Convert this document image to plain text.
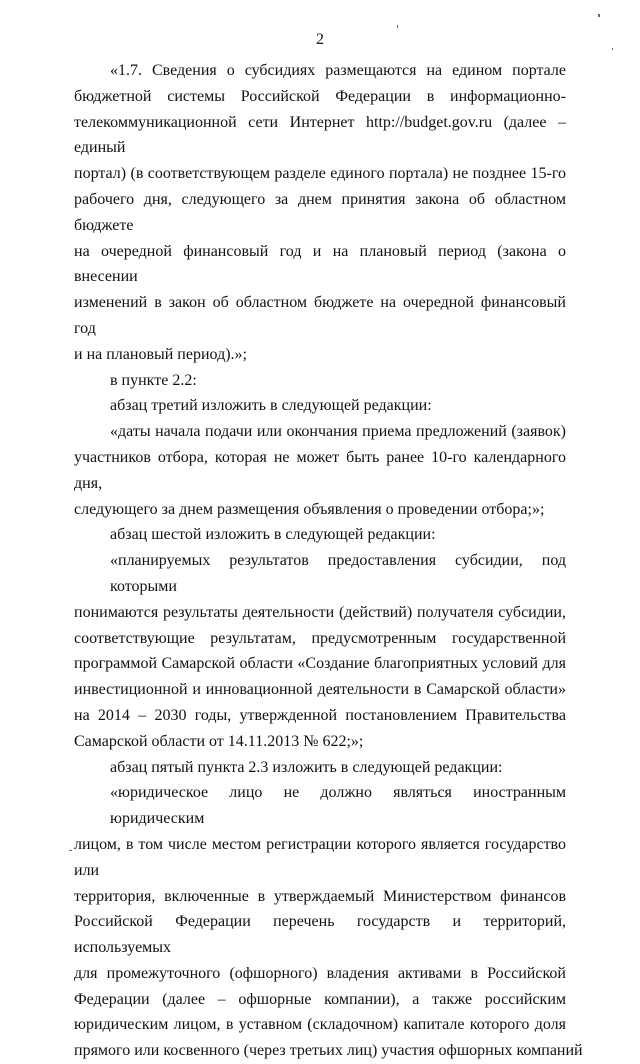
2

«1.7. Сведения о субсидиях размещаются на едином портале
бюджетной системы Российской Федерации в информационно-
телекоммуникационной сети Интернет http://budget.gov.ru (далее – единый
портал) (в соответствующем разделе единого портала) не позднее 15-го
рабочего дня, следующего за днем принятия закона об областном бюджете
на очередной финансовый год и на плановый период (закона о внесении
изменений в закон об областном бюджете на очередной финансовый год
и на плановый период).»;

в пункте 2.2:

абзац третий изложить в следующей редакции:

«даты начала подачи или окончания приема предложений (заявок)
участников отбора, которая не может быть ранее 10-го календарного дня,
следующего за днем размещения объявления о проведении отбора;»;

абзац шестой изложить в следующей редакции:

«планируемых результатов предоставления субсидии, под которыми
понимаются результаты деятельности (действий) получателя субсидии,
соответствующие результатам, предусмотренным государственной
программой Самарской области «Создание благоприятных условий для
инвестиционной и инновационной деятельности в Самарской области»
на 2014 – 2030 годы, утвержденной постановлением Правительства
Самарской области от 14.11.2013 № 622;»;

абзац пятый пункта 2.3 изложить в следующей редакции:

«юридическое лицо не должно являться иностранным юридическим
лицом, в том числе местом регистрации которого является государство или
территория, включенные в утверждаемый Министерством финансов
Российской Федерации перечень государств и территорий, используемых
для промежуточного (офшорного) владения активами в Российской
Федерации (далее – офшорные компании), а также российским
юридическим лицом, в уставном (складочном) капитале которого доля
прямого или косвенного (через третьих лиц) участия офшорных компаний
